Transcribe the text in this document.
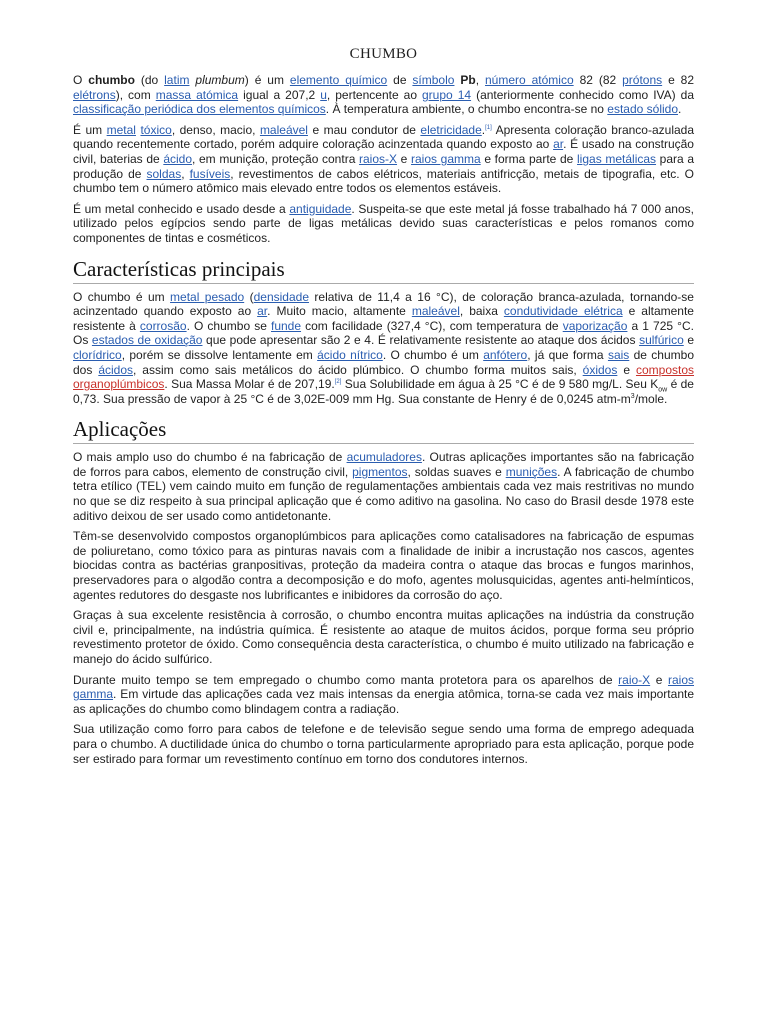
CHUMBO

O chumbo (do latim plumbum) é um elemento químico de símbolo Pb, número atómico 82 (82 prótons e 82 elétrons), com massa atómica igual a 207,2 u, pertencente ao grupo 14 (anteriormente conhecido como IVA) da classificação periódica dos elementos químicos. À temperatura ambiente, o chumbo encontra-se no estado sólido.

É um metal tóxico, denso, macio, maleável e mau condutor de eletricidade.[1] Apresenta coloração branco-azulada quando recentemente cortado, porém adquire coloração acinzentada quando exposto ao ar. É usado na construção civil, baterias de ácido, em munição, proteção contra raios-X e raios gamma e forma parte de ligas metálicas para a produção de soldas, fusíveis, revestimentos de cabos elétricos, materiais antifricção, metais de tipografia, etc. O chumbo tem o número atômico mais elevado entre todos os elementos estáveis.

É um metal conhecido e usado desde a antiguidade. Suspeita-se que este metal já fosse trabalhado há 7 000 anos, utilizado pelos egípcios sendo parte de ligas metálicas devido suas características e pelos romanos como componentes de tintas e cosméticos.

Características principais

O chumbo é um metal pesado (densidade relativa de 11,4 a 16 °C), de coloração branca-azulada, tornando-se acinzentado quando exposto ao ar. Muito macio, altamente maleável, baixa condutividade elétrica e altamente resistente à corrosão. O chumbo se funde com facilidade (327,4 °C), com temperatura de vaporização a 1 725 °C. Os estados de oxidação que pode apresentar são 2 e 4. É relativamente resistente ao ataque dos ácidos sulfúrico e clorídrico, porém se dissolve lentamente em ácido nítrico. O chumbo é um anfótero, já que forma sais de chumbo dos ácidos, assim como sais metálicos do ácido plúmbico. O chumbo forma muitos sais, óxidos e compostos organoplúmbicos. Sua Massa Molar é de 207,19.[2] Sua Solubilidade em água à 25 °C é de 9 580 mg/L. Seu $K_{ow}$ é de 0,73. Sua pressão de vapor à 25 °C é de 3,02E-009 mm Hg. Sua constante de Henry é de 0,0245 atm-$m^3$/mole.

Aplicações

O mais amplo uso do chumbo é na fabricação de acumuladores. Outras aplicações importantes são na fabricação de forros para cabos, elemento de construção civil, pigmentos, soldas suaves e munições. A fabricação de chumbo tetra etílico (TEL) vem caindo muito em função de regulamentações ambientais cada vez mais restritivas no mundo no que se diz respeito à sua principal aplicação que é como aditivo na gasolina. No caso do Brasil desde 1978 este aditivo deixou de ser usado como antidetonante.

Têm-se desenvolvido compostos organoplúmbicos para aplicações como catalisadores na fabricação de espumas de poliuretano, como tóxico para as pinturas navais com a finalidade de inibir a incrustação nos cascos, agentes biocidas contra as bactérias granpositivas, proteção da madeira contra o ataque das brocas e fungos marinhos, preservadores para o algodão contra a decomposição e do mofo, agentes molusquicidas, agentes anti-helmínticos, agentes redutores do desgaste nos lubrificantes e inibidores da corrosão do aço.

Graças à sua excelente resistência à corrosão, o chumbo encontra muitas aplicações na indústria da construção civil e, principalmente, na indústria química. É resistente ao ataque de muitos ácidos, porque forma seu próprio revestimento protetor de óxido. Como consequência desta característica, o chumbo é muito utilizado na fabricação e manejo do ácido sulfúrico.

Durante muito tempo se tem empregado o chumbo como manta protetora para os aparelhos de raio-X e raios gamma. Em virtude das aplicações cada vez mais intensas da energia atômica, torna-se cada vez mais importante as aplicações do chumbo como blindagem contra a radiação.

Sua utilização como forro para cabos de telefone e de televisão segue sendo uma forma de emprego adequada para o chumbo. A ductilidade única do chumbo o torna particularmente apropriado para esta aplicação, porque pode ser estirado para formar um revestimento contínuo em torno dos condutores internos.
